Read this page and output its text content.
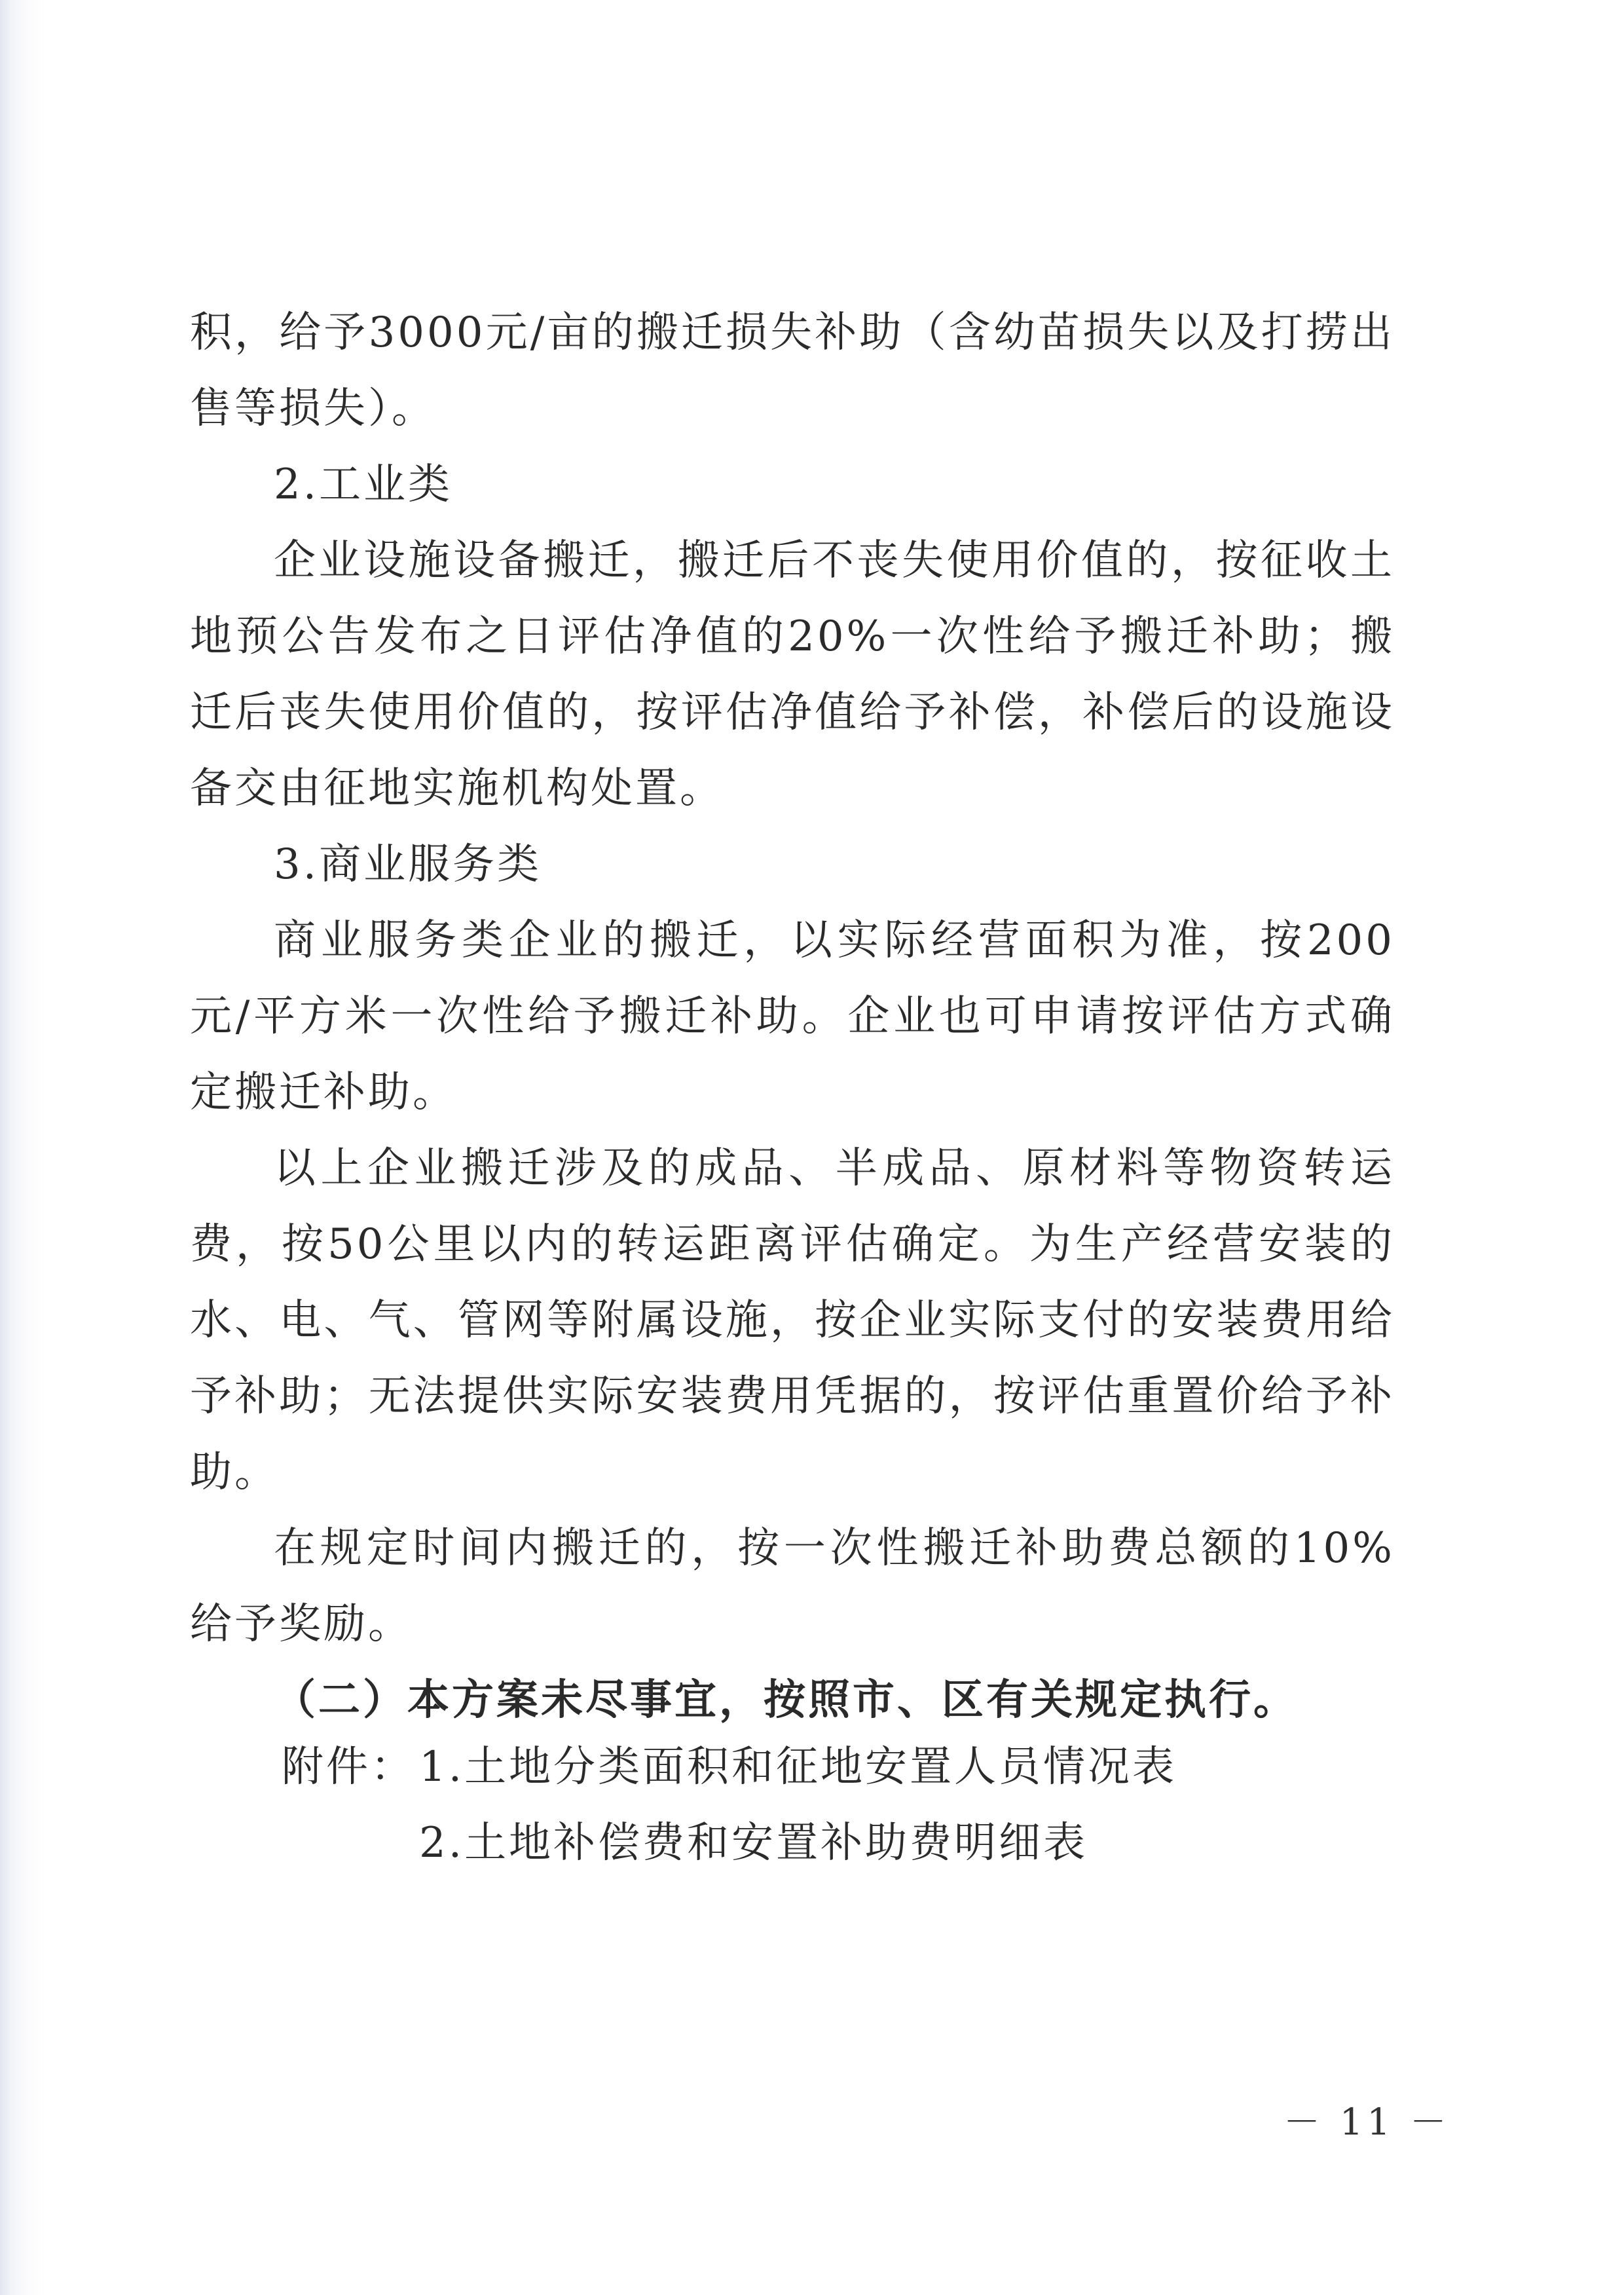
积，给予3000元/亩的搬迁损失补助（含幼苗损失以及打捞出售等损失）。

2.工业类

企业设施设备搬迁，搬迁后不丧失使用价值的，按征收土地预公告发布之日评估净值的20%一次性给予搬迁补助；搬迁后丧失使用价值的，按评估净值给予补偿，补偿后的设施设备交由征地实施机构处置。

3.商业服务类

商业服务类企业的搬迁，以实际经营面积为准，按200元/平方米一次性给予搬迁补助。企业也可申请按评估方式确定搬迁补助。

以上企业搬迁涉及的成品、半成品、原材料等物资转运费，按50公里以内的转运距离评估确定。为生产经营安装的水、电、气、管网等附属设施，按企业实际支付的安装费用给予补助；无法提供实际安装费用凭据的，按评估重置价给予补助。

在规定时间内搬迁的，按一次性搬迁补助费总额的10%给予奖励。

（二）本方案未尽事宜，按照市、区有关规定执行。

附件： 1.土地分类面积和征地安置人员情况表
2.土地补偿费和安置补助费明细表
－ 11 －
